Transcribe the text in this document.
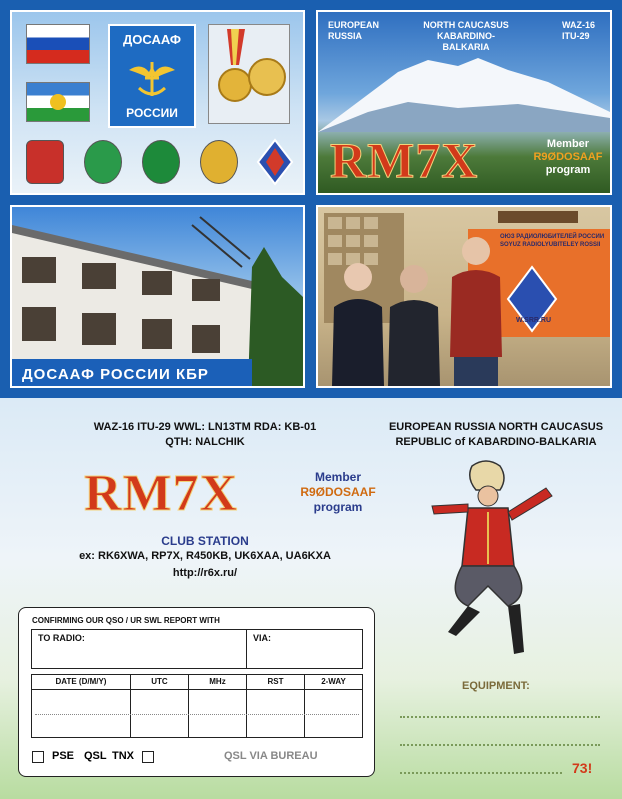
ДОСААФ
РОССИИ
EUROPEAN
RUSSIA
NORTH CAUCASUS
KABARDINO-BALKARIA
WAZ-16
ITU-29
RM7X	Member
R9ØDOSAAF
program
ДОСААФ РОССИИ КБР
ОЮЗ РАДИОЛЮБИТЕЛЕЙ РОССИИ
SOYUZ RADIOLYUBITELEY ROSSII
W.SRR.RU
WAZ-16 ITU-29 WWL: LN13TM RDA: KB-01
QTH: NALCHIK
EUROPEAN RUSSIA NORTH CAUCASUS
REPUBLIC of KABARDINO-BALKARIA
RM7X	Member
R9ØDOSAAF
program
CLUB STATION
ex: RK6XWA, RP7X, R450KB, UK6XAA, UA6KXA
http://r6x.ru/
EQUIPMENT:
73!
CONFIRMING OUR QSO / UR SWL REPORT WITH
TO RADIO:	VIA:
DATE (D/M/Y)	UTC	MHz	RST	2-WAY
PSE QSL TNX	QSL VIA BUREAU
